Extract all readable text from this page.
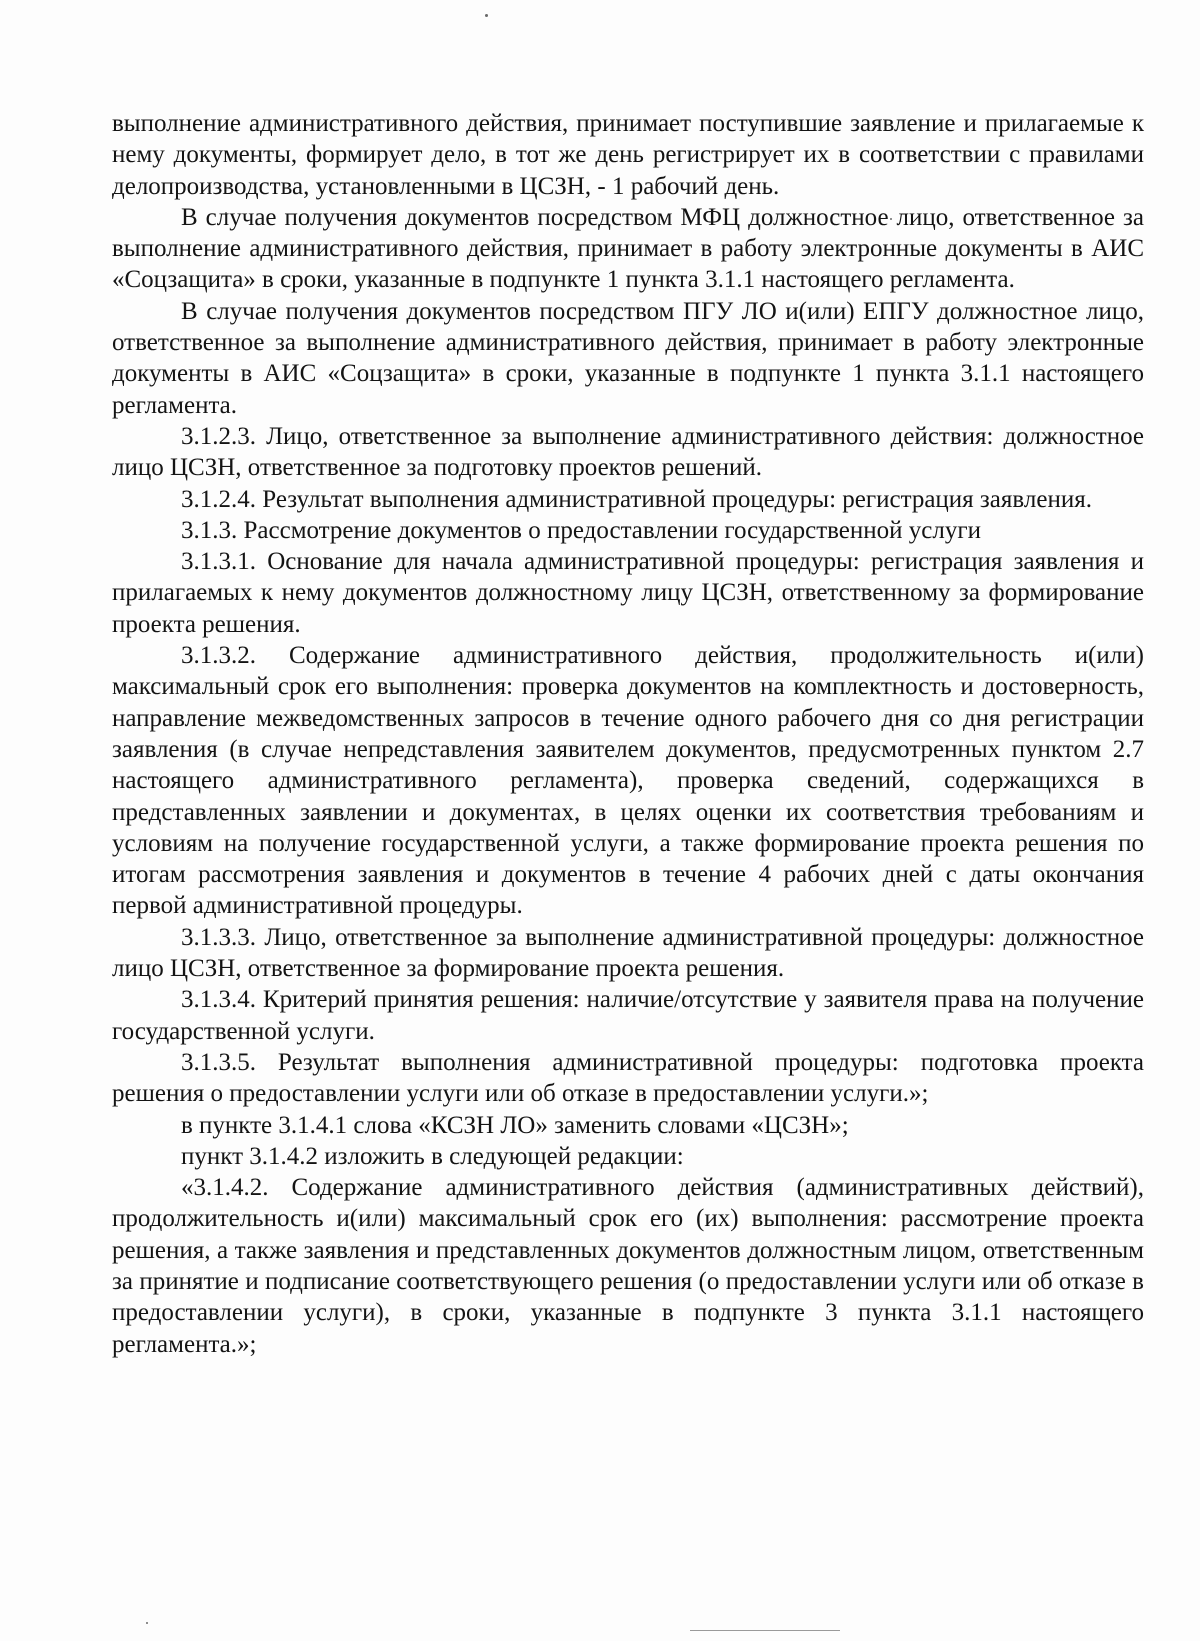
выполнение административного действия, принимает поступившие заявление и прилагаемые к нему документы, формирует дело, в тот же день регистрирует их в соответствии с правилами делопроизводства, установленными в ЦСЗН, - 1 рабочий день.

В случае получения документов посредством МФЦ должностное лицо, ответственное за выполнение административного действия, принимает в работу электронные документы в АИС «Соцзащита» в сроки, указанные в подпункте 1 пункта 3.1.1 настоящего регламента.

В случае получения документов посредством ПГУ ЛО и(или) ЕПГУ должностное лицо, ответственное за выполнение административного действия, принимает в работу электронные документы в АИС «Соцзащита» в сроки, указанные в подпункте 1 пункта 3.1.1 настоящего регламента.

3.1.2.3. Лицо, ответственное за выполнение административного действия: должностное лицо ЦСЗН, ответственное за подготовку проектов решений.

3.1.2.4. Результат выполнения административной процедуры: регистрация заявления.

3.1.3. Рассмотрение документов о предоставлении государственной услуги

3.1.3.1. Основание для начала административной процедуры: регистрация заявления и прилагаемых к нему документов должностному лицу ЦСЗН, ответственному за формирование проекта решения.

3.1.3.2. Содержание административного действия, продолжительность и(или) максимальный срок его выполнения: проверка документов на комплектность и достоверность, направление межведомственных запросов в течение одного рабочего дня со дня регистрации заявления (в случае непредставления заявителем документов, предусмотренных пунктом 2.7 настоящего административного регламента), проверка сведений, содержащихся в представленных заявлении и документах, в целях оценки их соответствия требованиям и условиям на получение государственной услуги, а также формирование проекта решения по итогам рассмотрения заявления и документов в течение 4 рабочих дней с даты окончания первой административной процедуры.

3.1.3.3. Лицо, ответственное за выполнение административной процедуры: должностное лицо ЦСЗН, ответственное за формирование проекта решения.

3.1.3.4. Критерий принятия решения: наличие/отсутствие у заявителя права на получение государственной услуги.

3.1.3.5. Результат выполнения административной процедуры: подготовка проекта решения о предоставлении услуги или об отказе в предоставлении услуги.»;

в пункте 3.1.4.1 слова «КСЗН ЛО» заменить словами «ЦСЗН»;

пункт 3.1.4.2 изложить в следующей редакции:

«3.1.4.2. Содержание административного действия (административных действий), продолжительность и(или) максимальный срок его (их) выполнения: рассмотрение проекта решения, а также заявления и представленных документов должностным лицом, ответственным за принятие и подписание соответствующего решения (о предоставлении услуги или об отказе в предоставлении услуги), в сроки, указанные в подпункте 3 пункта 3.1.1 настоящего регламента.»;
